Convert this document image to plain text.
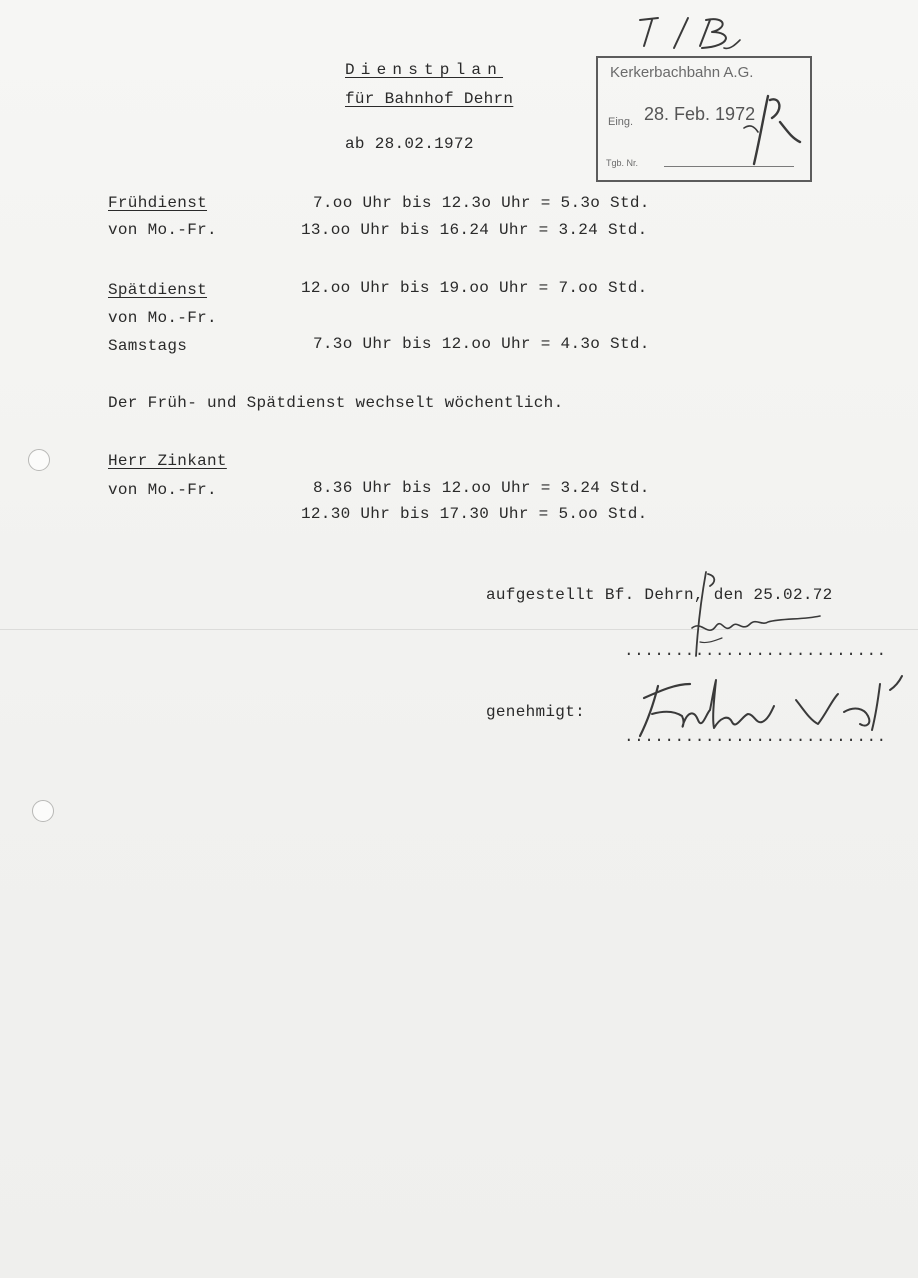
Dienstplan
für Bahnhof Dehrn
ab 28.02.1972
Kerkerbachbahn A.G.
Eing. 28. Feb. 1972
Tgb. Nr.
Frühdienst
von Mo.-Fr.
7.oo Uhr bis 12.3o Uhr = 5.3o Std.
13.oo Uhr bis 16.24 Uhr = 3.24 Std.
Spätdienst
von Mo.-Fr.
Samstags
12.oo Uhr bis 19.oo Uhr = 7.oo Std.
7.3o Uhr bis 12.oo Uhr = 4.3o Std.
Der Früh- und Spätdienst wechselt wöchentlich.
Herr Zinkant
von Mo.-Fr.	8.36 Uhr bis 12.oo Uhr = 3.24 Std.
12.30 Uhr bis 17.30 Uhr = 5.oo Std.
aufgestellt Bf. Dehrn, den 25.02.72
..........................
genehmigt:
..........................
